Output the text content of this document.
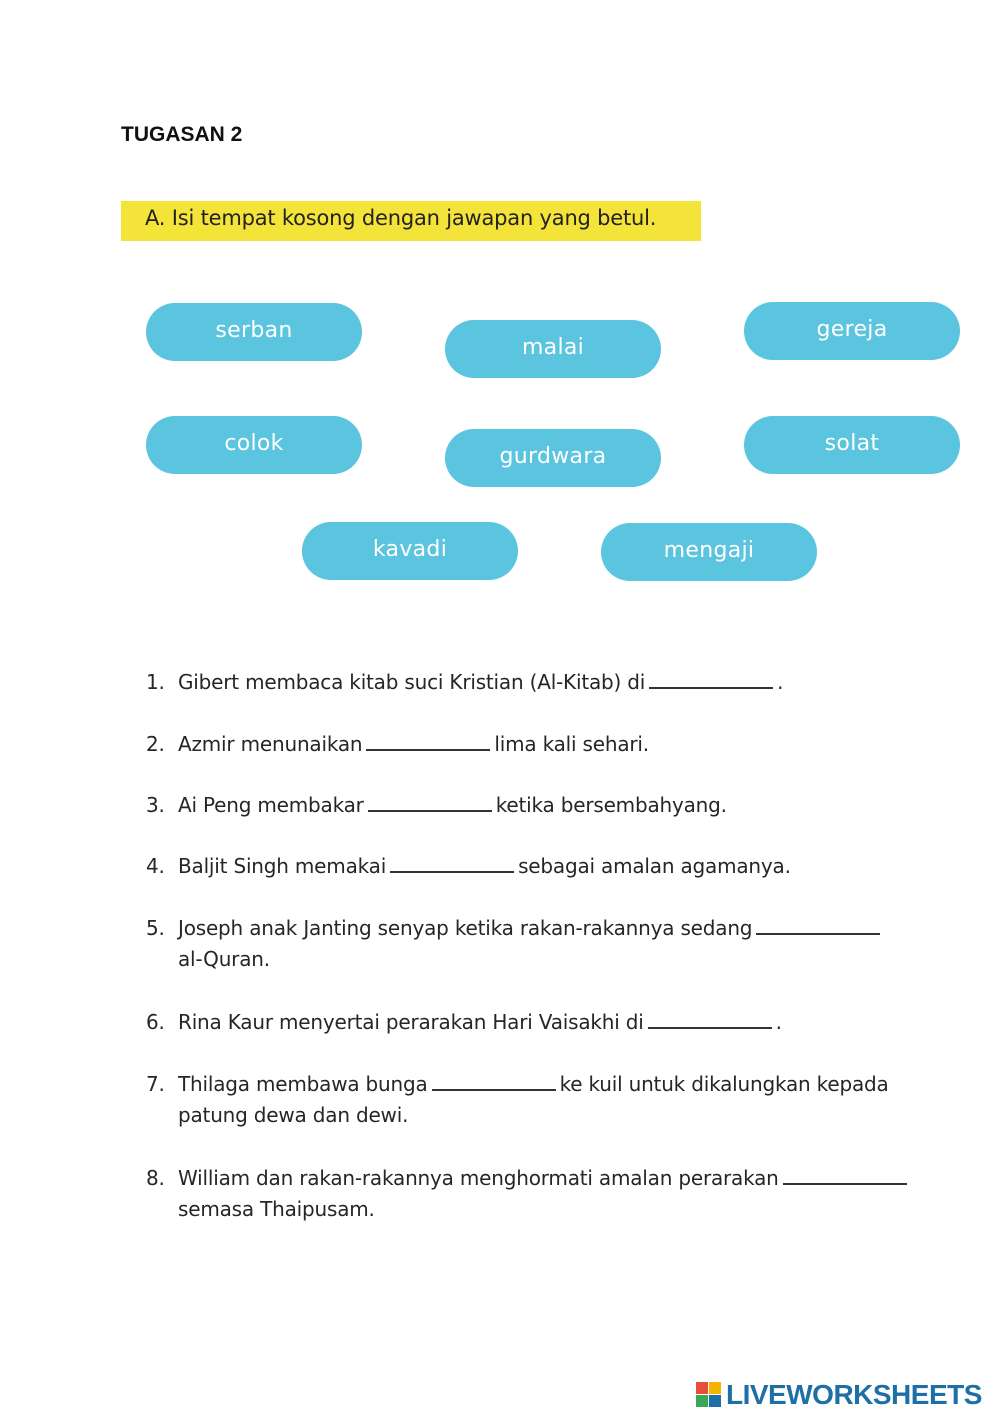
TUGASAN 2
A. Isi tempat kosong dengan jawapan yang betul.
serban
malai
gereja
colok
gurdwara
solat
kavadi	mengaji
1. Gibert membaca kitab suci Kristian (Al-Kitab) di	.
2. Azmir menunaikan	lima kali sehari.
3. Ai Peng membakar	ketika bersembahyang.
4. Baljit Singh memakai	sebagai amalan agamanya.
5. Joseph anak Janting senyap ketika rakan-rakannya sedang
al-Quran.
6. Rina Kaur menyertai perarakan Hari Vaisakhi di	.
7. Thilaga membawa bunga	ke kuil untuk dikalungkan kepada
patung dewa dan dewi.
8. William dan rakan-rakannya menghormati amalan perarakan
semasa Thaipusam.
LIVEWORKSHEETS
